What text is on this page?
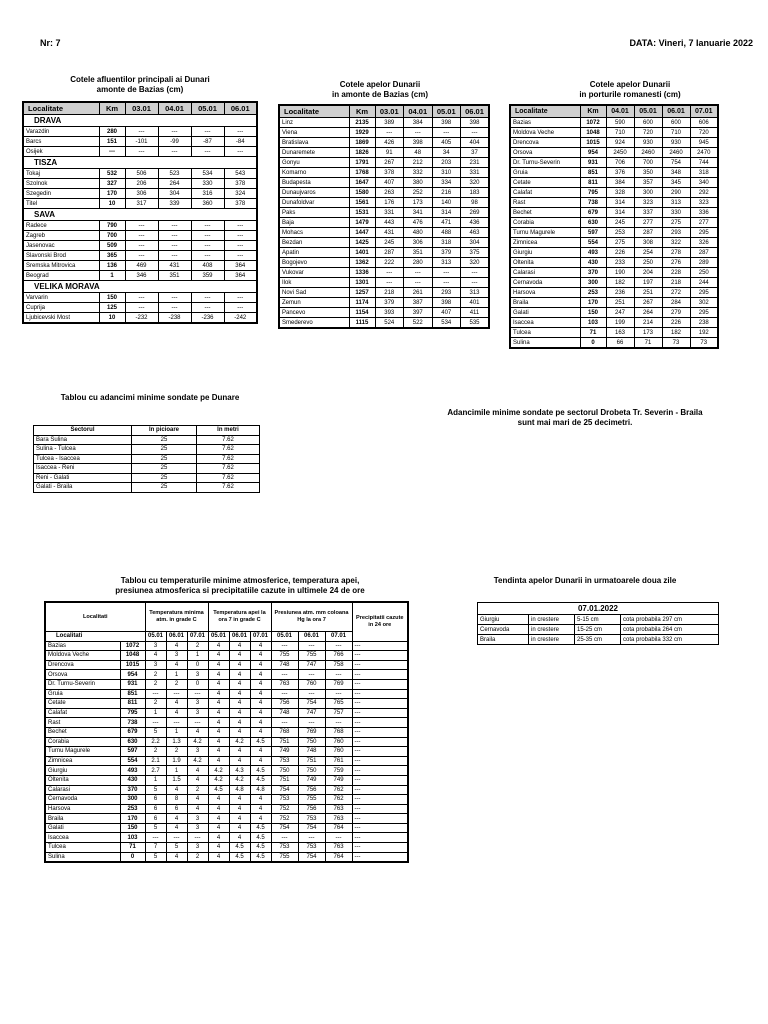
Nr: 7	DATA: Vineri, 7 Ianuarie 2022
Cotele afluentilor principali ai Dunari
amonte de Bazias (cm)
Localitate	Km	03.01	04.01	05.01	06.01
DRAVA					
Varazdin	280	---	---	---	---
Barcs	151	-101	-99	-87	-84
Osijek	---	---	---	---	---
TISZA					
Tokaj	532	506	523	534	543
Szolnok	327	206	264	330	378
Szegedin	170	306	304	316	324
Titel	10	317	339	360	378
SAVA					
Radece	790	---	---	---	---
Zagreb	700	---	---	---	---
Jasenovac	509	---	---	---	---
Slavonski Brod	365	---	---	---	---
Sremska Mitrovica	136	469	431	408	364
Beograd	1	346	351	359	364
VELIKA MORAVA					
Varvarin	150	---	---	---	---
Cuprija	125	---	---	---	---
Ljubicevski Most	10	-232	-238	-236	-242
Cotele apelor Dunarii
in amonte de Bazias (cm)
Localitate	Km	03.01	04.01	05.01	06.01
Linz	2135	389	384	398	398
Viena	1929	---	---	---	---
Bratislava	1869	426	398	405	404
Dunaremete	1826	91	48	34	37
Gonyu	1791	267	212	203	231
Komarno	1768	378	332	310	331
Budapesta	1647	407	380	334	320
Dunaujvaros	1580	263	252	216	183
Dunafoldvar	1561	176	173	140	98
Paks	1531	331	341	314	269
Baja	1479	443	476	471	436
Mohacs	1447	431	480	488	463
Bezdan	1425	245	306	318	304
Apatin	1401	287	351	379	375
Bogojevo	1362	222	280	313	320
Vukovar	1336	---	---	---	---
Ilok	1301	---	---	---	---
Novi Sad	1257	218	261	293	313
Zemun	1174	379	387	398	401
Pancevo	1154	393	397	407	411
Smederevo	1115	524	522	534	535
Cotele apelor Dunarii
in porturile romanesti (cm)
Localitate	Km	04.01	05.01	06.01	07.01
Bazias	1072	590	600	600	606
Moldova Veche	1048	710	720	710	720
Drencova	1015	924	930	930	945
Orsova	954	2450	2460	2460	2470
Dr. Turnu-Severin	931	706	700	754	744
Gruia	851	376	350	348	318
Cetate	811	384	357	345	340
Calafat	795	328	300	290	292
Rast	738	314	323	313	323
Bechet	679	314	337	330	336
Corabia	630	245	277	275	277
Turnu Magurele	597	253	287	293	295
Zimnicea	554	275	308	322	326
Giurgiu	493	226	254	278	287
Oltenita	430	233	250	276	289
Calarasi	370	190	204	228	250
Cernavoda	300	182	197	218	244
Harsova	253	236	251	272	295
Braila	170	251	267	284	302
Galati	150	247	264	279	295
Isaccea	103	199	214	226	238
Tulcea	71	163	173	182	192
Sulina	0	66	71	73	73
Tablou cu adancimi minime sondate pe Dunare
Sectorul	In picioare	In metri
Bara Sulina	25	7.62
Sulina - Tulcea	25	7.62
Tulcea - Isaccea	25	7.62
Isaccea - Reni	25	7.62
Reni - Galati	25	7.62
Galati - Braila	25	7.62
Adancimile minime sondate pe sectorul Drobeta Tr. Severin - Braila
sunt mai mari de 25 decimetri.
Tablou cu temperaturile minime atmosferice, temperatura apei,
presiunea atmosferica si precipitatiile cazute in ultimele 24 de ore
Localitati		Temperatura minima atm. in grade C			Temperatura apei la ora 7 in grade C			Presiunea atm. mm coloana Hg la ora 7			Precipitatii cazute in 24 ore
Localitati		05.01	06.01	07.01	05.01	06.01	07.01	05.01	06.01	07.01	
Bazias	1072	3	4	2	4	4	4	---	---	---	---
Moldova Veche	1048	4	3	1	4	4	4	755	755	766	---
Drencova	1015	3	4	0	4	4	4	748	747	758	---
Orsova	954	2	1	3	4	4	4	---	---	---	---
Dr. Turnu-Severin	931	2	2	0	4	4	4	763	760	769	---
Gruia	851	---	---	---	4	4	4	---	---	---	---
Cetate	811	2	4	3	4	4	4	756	754	765	---
Calafat	795	1	4	3	4	4	4	748	747	757	---
Rast	738	---	---	---	4	4	4	---	---	---	---
Bechet	679	5	1	4	4	4	4	768	769	768	---
Corabia	630	2.2	1.3	4.2	4	4.2	4.5	751	750	760	---
Turnu Magurele	597	2	2	3	4	4	4	749	748	760	---
Zimnicea	554	2.1	1.9	4.2	4	4	4	753	751	761	---
Giurgiu	493	2.7	1	4	4.2	4.3	4.5	750	750	759	---
Oltenita	430	1	1.5	4	4.2	4.2	4.5	751	749	749	---
Calarasi	370	5	4	2	4.5	4.8	4.8	754	756	762	---
Cernavoda	300	6	8	4	4	4	4	753	755	762	---
Harsova	253	6	6	4	4	4	4	752	756	763	---
Braila	170	6	4	3	4	4	4	752	753	763	---
Galati	150	5	4	3	4	4	4.5	754	754	764	---
Isaccea	103	---	---	---	4	4	4.5	---	---	---	---
Tulcea	71	7	5	3	4	4.5	4.5	753	753	763	---
Sulina	0	5	4	2	4	4.5	4.5	755	754	764	---
Tendinta apelor Dunarii in urmatoarele doua zile
07.01.2022			
Giurgiu	in crestere	5-15 cm	cota probabila 297 cm
Cernavoda	in crestere	15-25 cm	cota probabila 264 cm
Braila	in crestere	25-35 cm	cota probabila 332 cm
